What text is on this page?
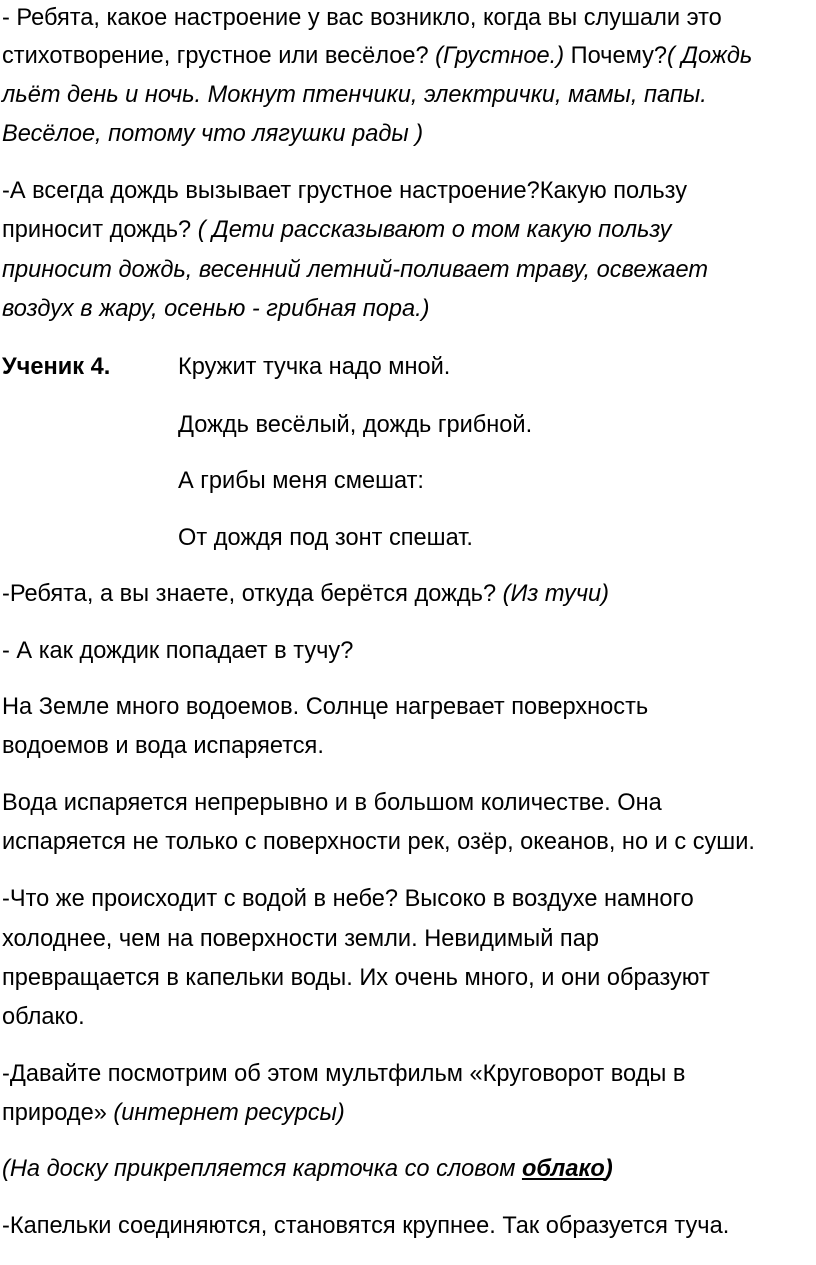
- Ребята, какое настроение у вас возникло, когда вы слушали это
стихотворение, грустное или весёлое? (Грустное.) Почему?( Дождь
льёт день и ночь. Мокнут птенчики, электрички, мамы, папы.
Весёлое, потому что лягушки рады )
-А всегда дождь вызывает грустное настроение?Какую пользу
приносит дождь? ( Дети рассказывают о том какую пользу
приносит дождь, весенний летний-поливает траву, освежает
воздух в жару, осенью - грибная пора.)
Ученик 4.	Кружит тучка надо мной.
Дождь весёлый, дождь грибной.
А грибы меня смешат:
От дождя под зонт спешат.
-Ребята, а вы знаете, откуда берётся дождь? (Из тучи)
- А как дождик попадает в тучу?
На Земле много водоемов. Солнце нагревает поверхность
водоемов и вода испаряется.
Вода испаряется непрерывно и в большом количестве. Она
испаряется не только с поверхности рек, озёр, океанов, но и с суши.
-Что же происходит с водой в небе? Высоко в воздухе намного
холоднее, чем на поверхности земли. Невидимый пар
превращается в капельки воды. Их очень много, и они образуют
облако.
-Давайте посмотрим об этом мультфильм «Круговорот воды в
природе» (интернет ресурсы)
(На доску прикрепляется карточка со словом облако)
-Капельки соединяются, становятся крупнее. Так образуется туча.
